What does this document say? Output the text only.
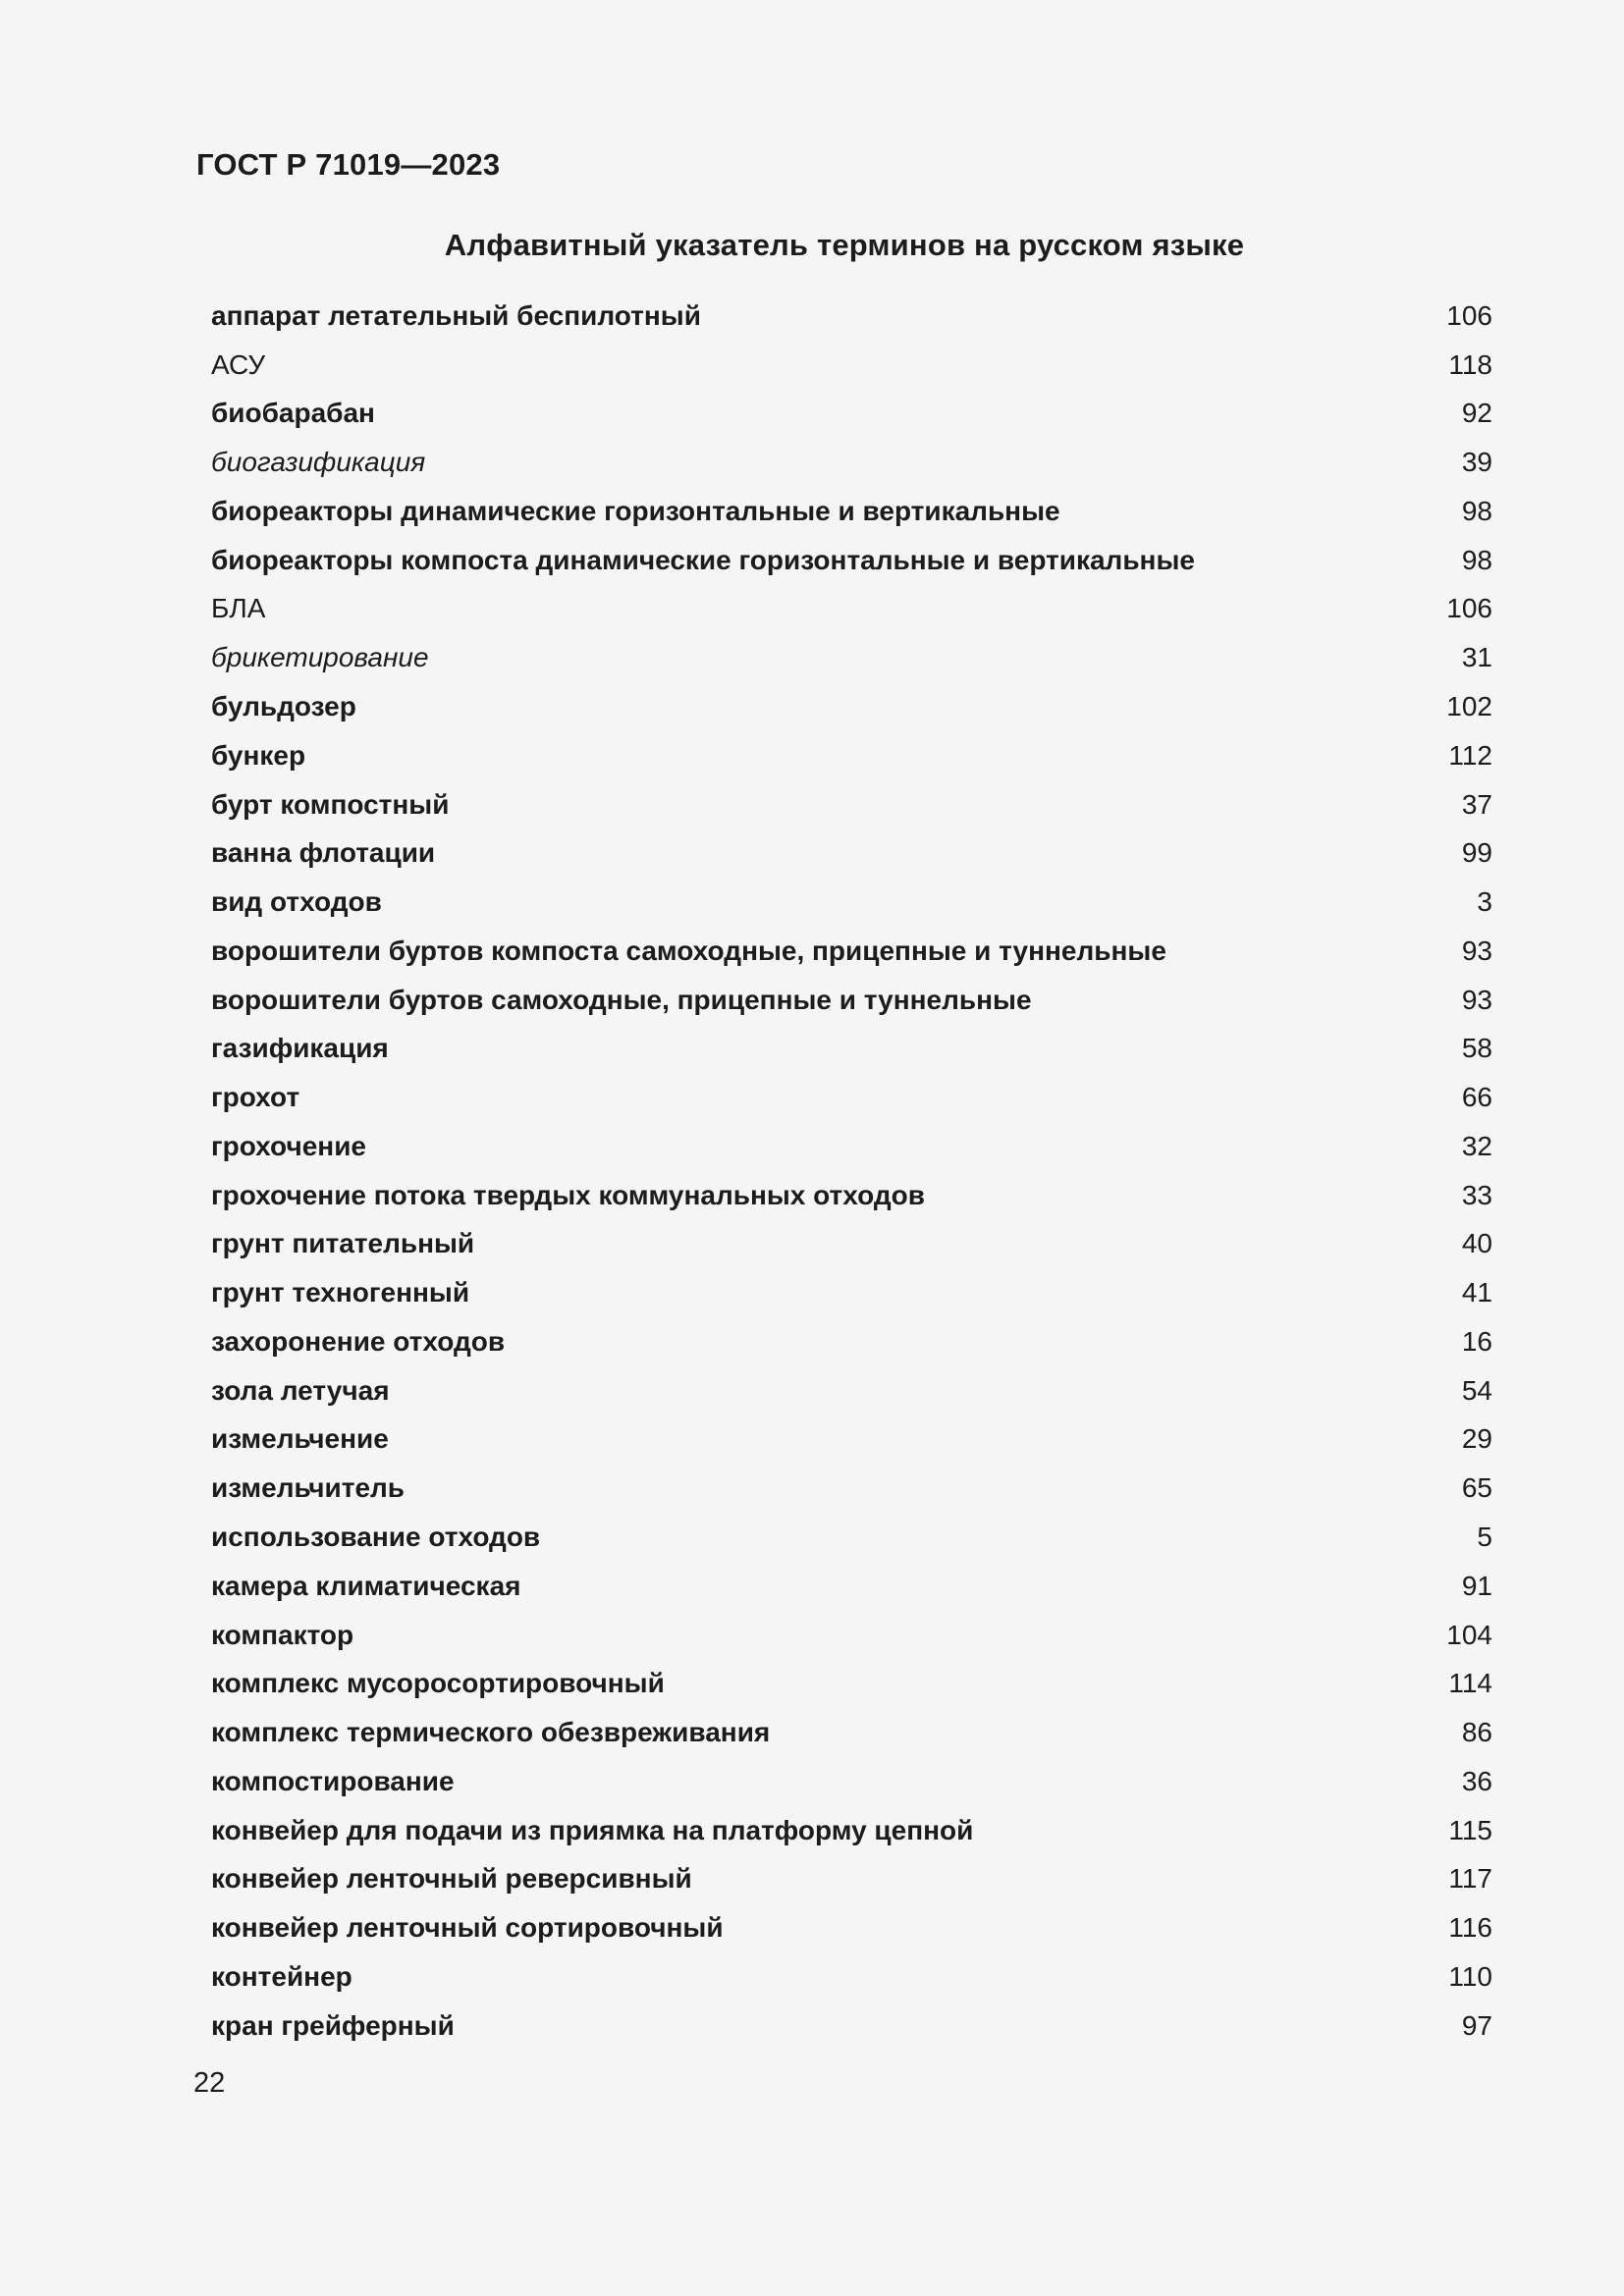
ГОСТ Р 71019—2023
Алфавитный указатель терминов на русском языке
аппарат летательный беспилотный	106
АСУ	118
биобарабан	92
биогазификация	39
биореакторы динамические горизонтальные и вертикальные	98
биореакторы компоста динамические горизонтальные и вертикальные	98
БЛА	106
брикетирование	31
бульдозер	102
бункер	112
бурт компостный	37
ванна флотации	99
вид отходов	3
ворошители буртов компоста самоходные, прицепные и туннельные	93
ворошители буртов самоходные, прицепные и туннельные	93
газификация	58
грохот	66
грохочение	32
грохочение потока твердых коммунальных отходов	33
грунт питательный	40
грунт техногенный	41
захоронение отходов	16
зола летучая	54
измельчение	29
измельчитель	65
использование отходов	5
камера климатическая	91
компактор	104
комплекс мусоросортировочный	114
комплекс термического обезвреживания	86
компостирование	36
конвейер для подачи из приямка на платформу цепной	115
конвейер ленточный реверсивный	117
конвейер ленточный сортировочный	116
контейнер	110
кран грейферный	97
22
